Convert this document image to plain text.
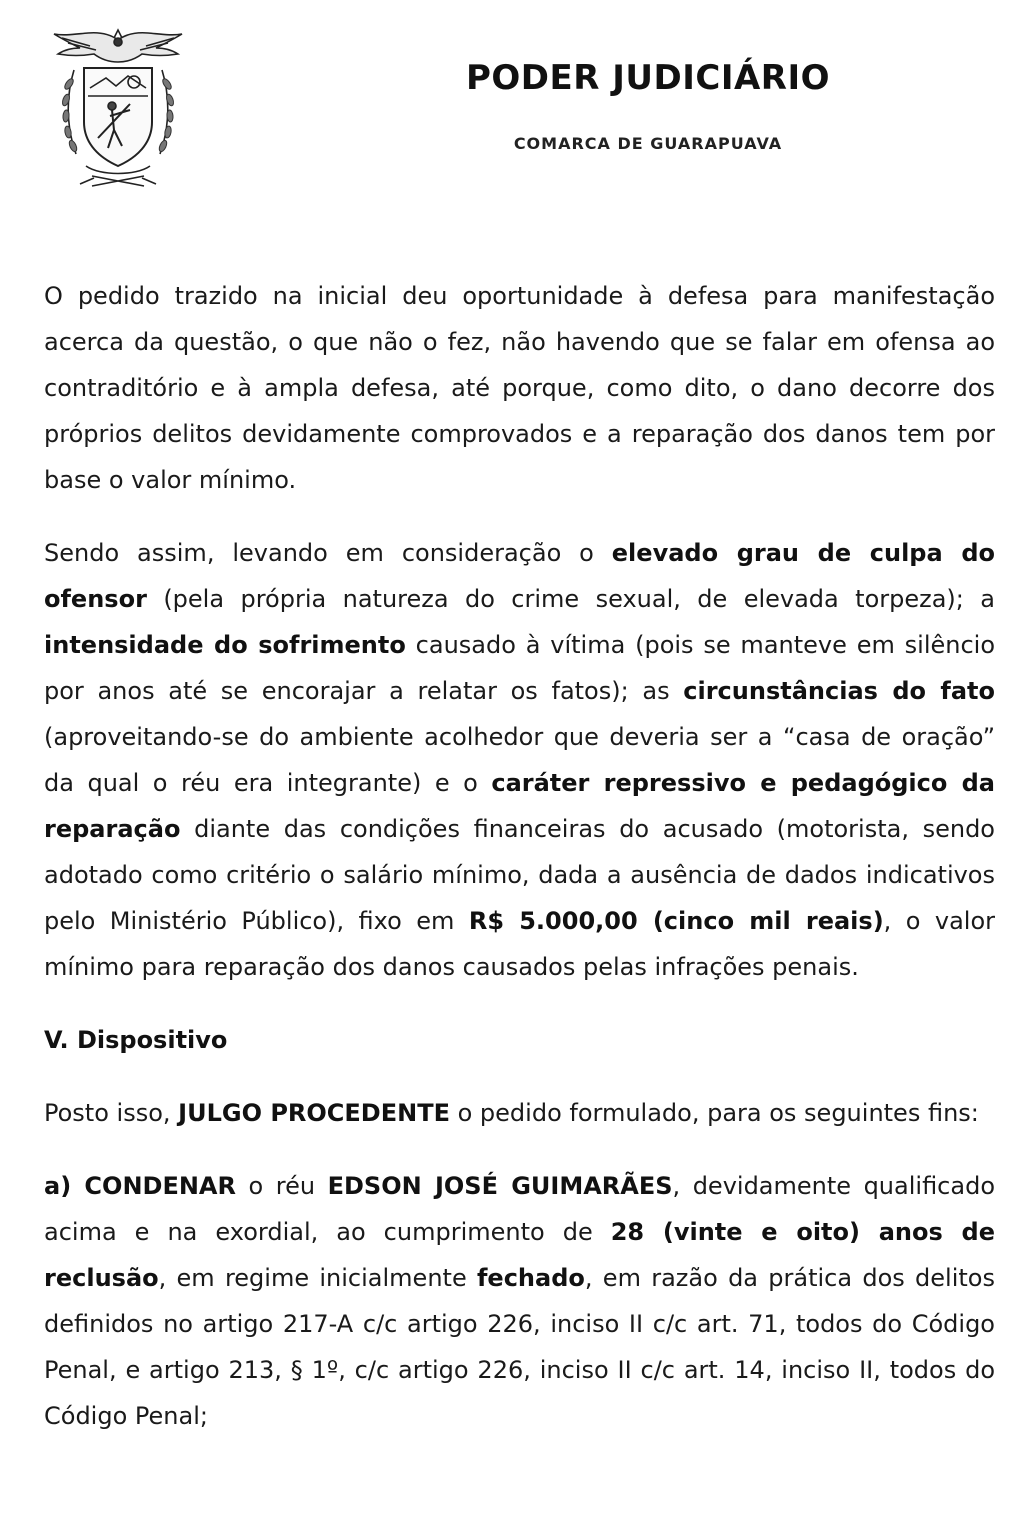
PODER JUDICIÁRIO
COMARCA DE GUARAPUAVA

O pedido trazido na inicial deu oportunidade à defesa para manifestação acerca da questão, o que não o fez, não havendo que se falar em ofensa ao contraditório e à ampla defesa, até porque, como dito, o dano decorre dos próprios delitos devidamente comprovados e a reparação dos danos tem por base o valor mínimo.

Sendo assim, levando em consideração o elevado grau de culpa do ofensor (pela própria natureza do crime sexual, de elevada torpeza); a intensidade do sofrimento causado à vítima (pois se manteve em silêncio por anos até se encorajar a relatar os fatos); as circunstâncias do fato (aproveitando-se do ambiente acolhedor que deveria ser a “casa de oração” da qual o réu era integrante) e o caráter repressivo e pedagógico da reparação diante das condições financeiras do acusado (motorista, sendo adotado como critério o salário mínimo, dada a ausência de dados indicativos pelo Ministério Público), fixo em R$ 5.000,00 (cinco mil reais), o valor mínimo para reparação dos danos causados pelas infrações penais.

V. Dispositivo

Posto isso, JULGO PROCEDENTE o pedido formulado, para os seguintes fins:

a) CONDENAR o réu EDSON JOSÉ GUIMARÃES, devidamente qualificado acima e na exordial, ao cumprimento de 28 (vinte e oito) anos de reclusão, em regime inicialmente fechado, em razão da prática dos delitos definidos no artigo 217-A c/c artigo 226, inciso II c/c art. 71, todos do Código Penal, e artigo 213, § 1º, c/c artigo 226, inciso II c/c art. 14, inciso II, todos do Código Penal;
